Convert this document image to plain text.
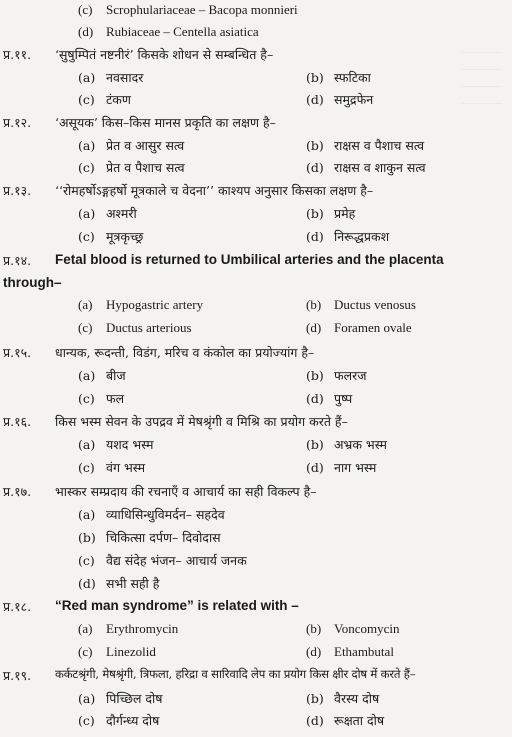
(c) Scrophulariaceae – Bacopa monnieri
(d) Rubiaceae – Centella asiatica
प्र.११. ‘सुषुम्पितं नष्टनीरं’ किसके शोधन से सम्बन्धित है–
(a) नवसादर	(b) स्फटिका
(c) टंकण	(d) समुद्रफेन
प्र.१२. ‘असूयक’ किस–किस मानस प्रकृति का लक्षण है–
(a) प्रेत व आसुर सत्व	(b) राक्षस व पैशाच सत्व
(c) प्रेत व पैशाच सत्व	(d) राक्षस व शाकुन सत्व
प्र.१३. ‘‘रोमहर्षोऽङ्गहर्षो मूत्रकाले च वेदना’’ काश्यप अनुसार किसका लक्षण है–
(a) अश्मरी	(b) प्रमेह
(c) मूत्रकृच्छ्र	(d) निरूद्धप्रकश
प्र.१४. Fetal blood is returned to Umbilical arteries and the placenta
through–
(a) Hypogastric artery	(b) Ductus venosus
(c) Ductus arterious	(d) Foramen ovale
प्र.१५. धान्यक, रूदन्ती, विडंग, मरिच व कंकोल का प्रयोज्यांग है–
(a) बीज	(b) फलरज
(c) फल	(d) पुष्प
प्र.१६. किस भस्म सेवन के उपद्रव में मेषश्रृंगी व मिश्रि का प्रयोग करते हैं–
(a) यशद भस्म	(b) अभ्रक भस्म
(c) वंग भस्म	(d) नाग भस्म
प्र.१७. भास्कर सम्प्रदाय की रचनाएँ व आचार्य का सही विकल्प है–
(a) व्याधिसिन्धुविमर्दन– सहदेव
(b) चिकित्सा दर्पण– दिवोदास
(c) वैद्य संदेह भंजन– आचार्य जनक
(d) सभी सही है
प्र.१८. “Red man syndrome” is related with –
(a) Erythromycin	(b) Voncomycin
(c) Linezolid	(d) Ethambutal
प्र.१९. कर्कटश्रृंगी, मेषश्रृंगी, त्रिफला, हरिद्रा व सारिवादि लेप का प्रयोग किस क्षीर दोष में करते हैं–
(a) पिच्छिल दोष	(b) वैरस्य दोष
(c) दौर्गन्ध्य दोष	(d) रूक्षता दोष
